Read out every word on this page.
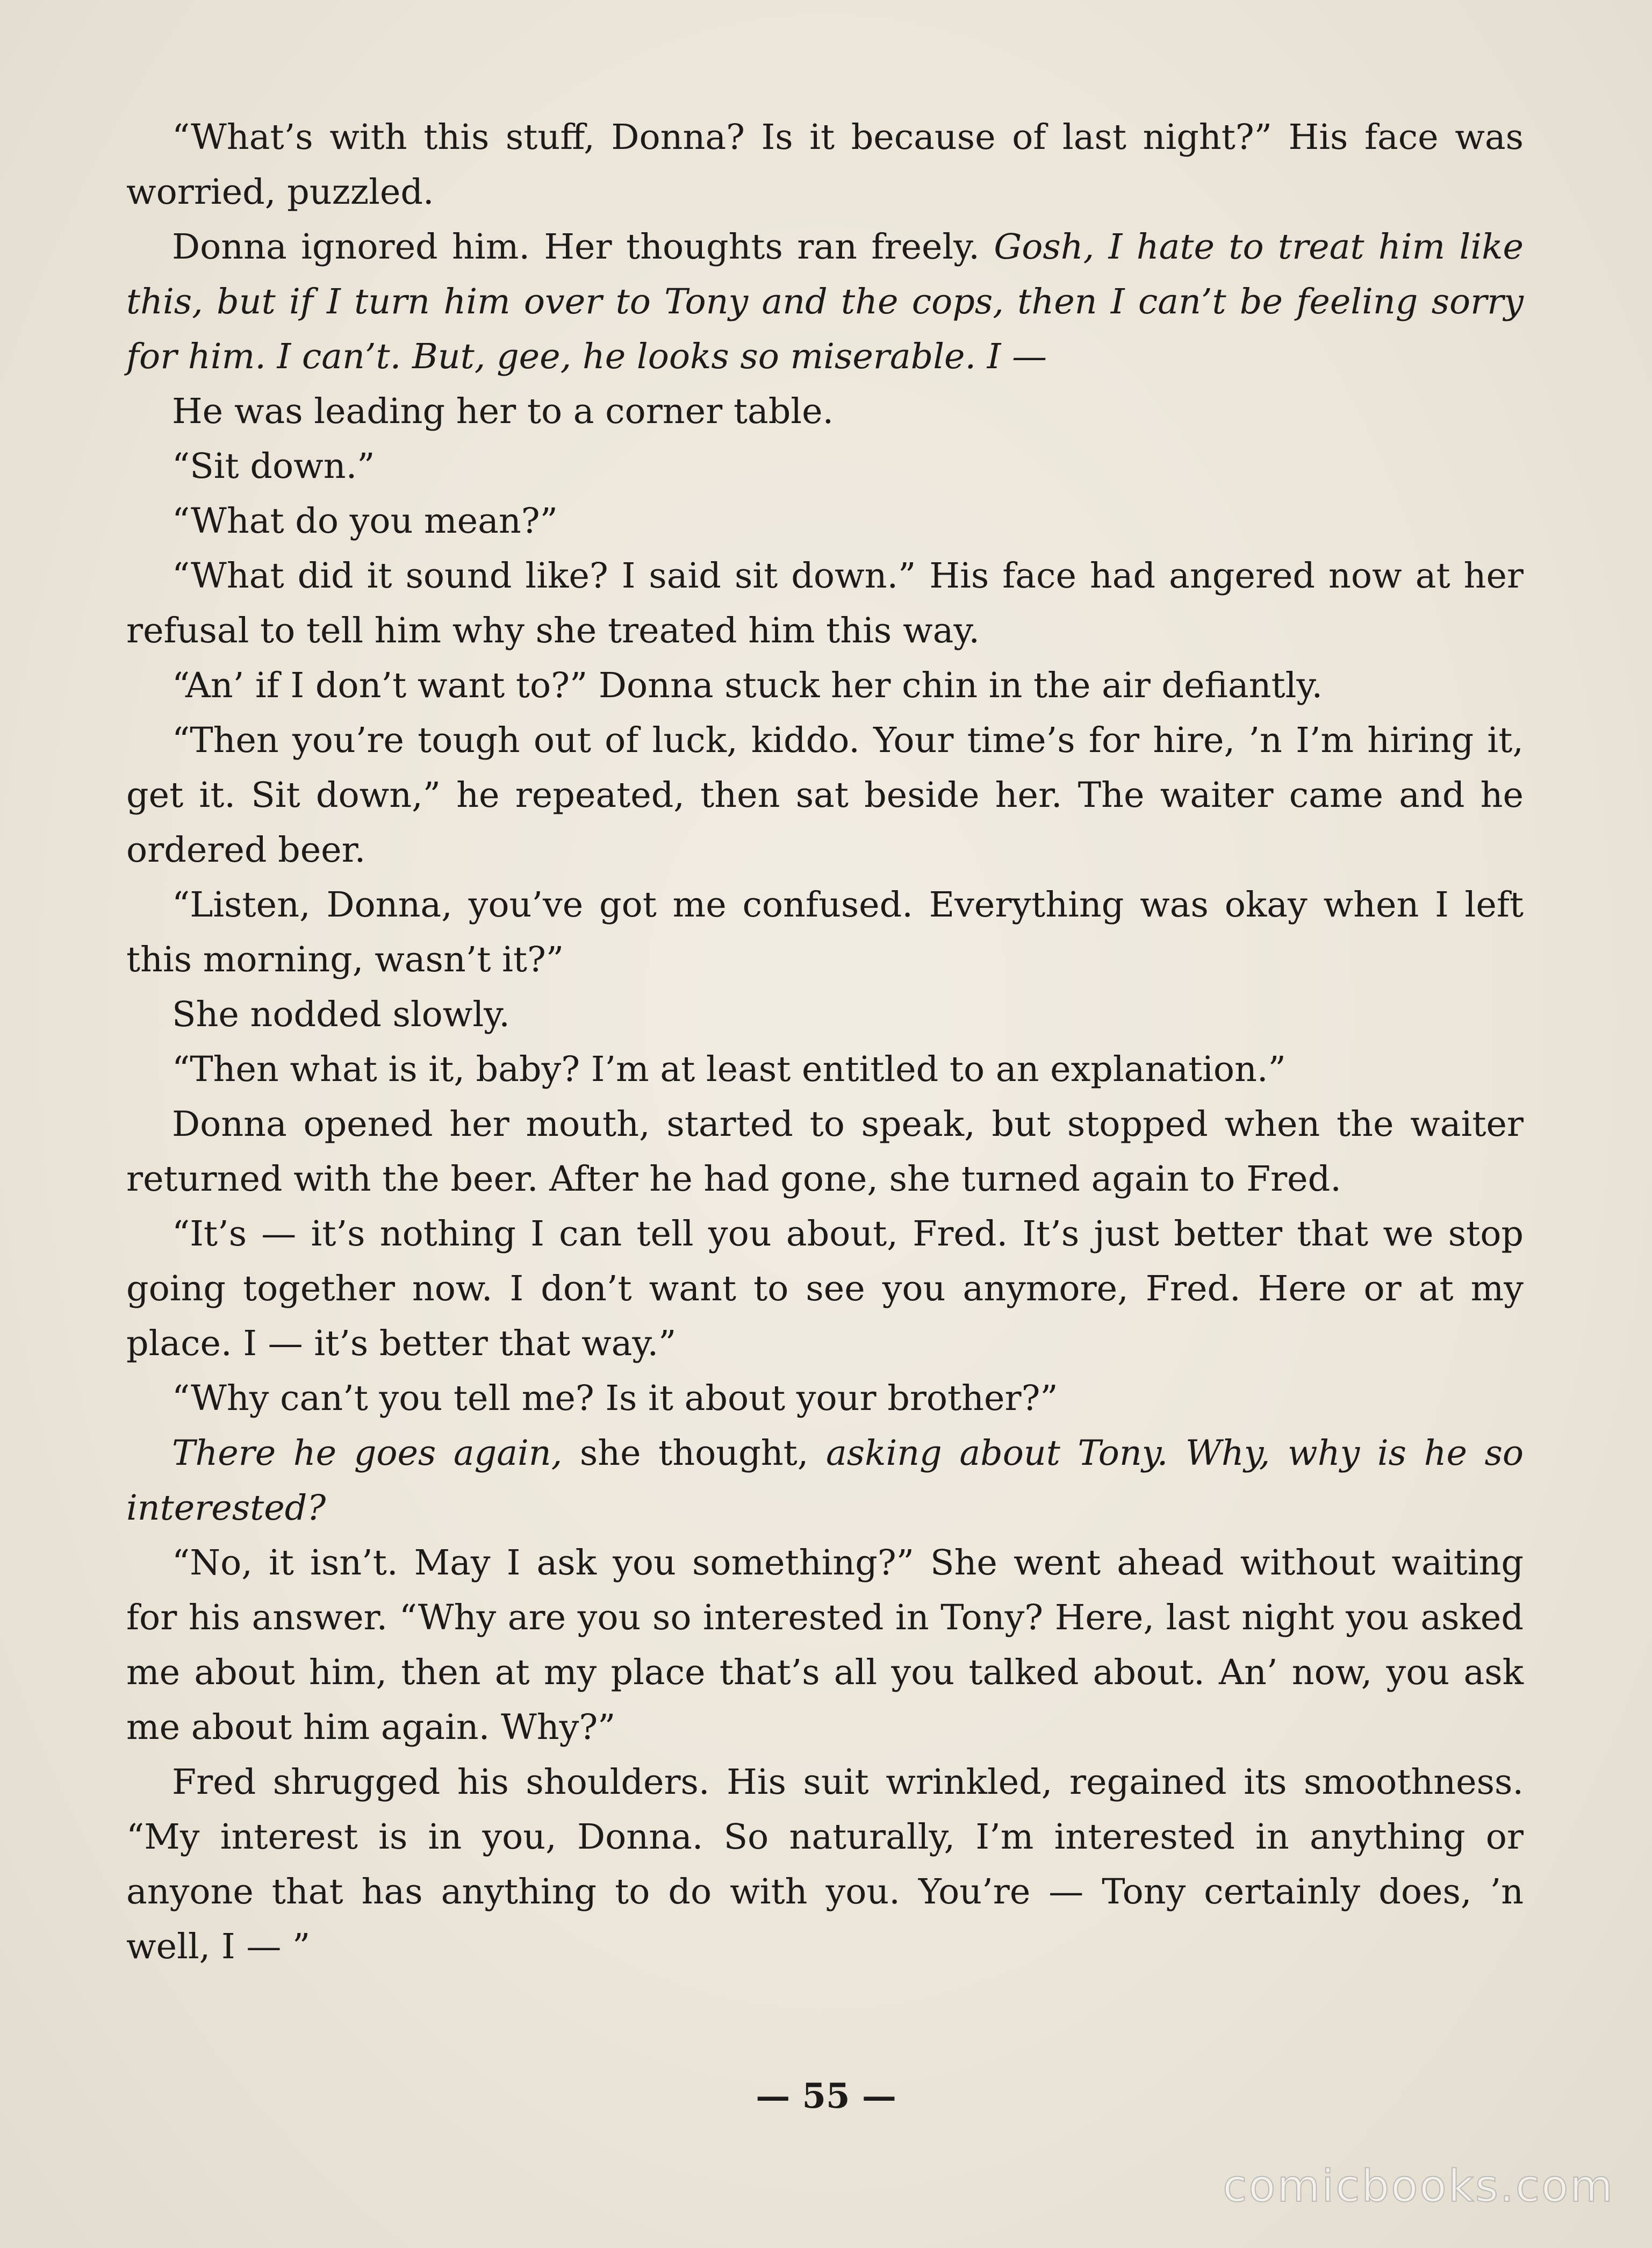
“What’s with this stuff, Donna? Is it because of last night?” His face was worried, puzzled.

Donna ignored him. Her thoughts ran freely. Gosh, I hate to treat him like this, but if I turn him over to Tony and the cops, then I can’t be feeling sorry for him. I can’t. But, gee, he looks so miserable. I —

He was leading her to a corner table.

“Sit down.”

“What do you mean?”

“What did it sound like? I said sit down.” His face had angered now at her refusal to tell him why she treated him this way.

“An’ if I don’t want to?” Donna stuck her chin in the air defiantly.

“Then you’re tough out of luck, kiddo. Your time’s for hire, ’n I’m hiring it, get it. Sit down,” he repeated, then sat beside her. The waiter came and he ordered beer.

“Listen, Donna, you’ve got me confused. Everything was okay when I left this morning, wasn’t it?”

She nodded slowly.

“Then what is it, baby? I’m at least entitled to an explanation.”

Donna opened her mouth, started to speak, but stopped when the waiter returned with the beer. After he had gone, she turned again to Fred.

“It’s — it’s nothing I can tell you about, Fred. It’s just better that we stop going together now. I don’t want to see you anymore, Fred. Here or at my place. I — it’s better that way.”

“Why can’t you tell me? Is it about your brother?”

There he goes again, she thought, asking about Tony. Why, why is he so interested?

“No, it isn’t. May I ask you something?” She went ahead without waiting for his answer. “Why are you so interested in Tony? Here, last night you asked me about him, then at my place that’s all you talked about. An’ now, you ask me about him again. Why?”

Fred shrugged his shoulders. His suit wrinkled, regained its smoothness. “My interest is in you, Donna. So naturally, I’m interested in anything or anyone that has anything to do with you. You’re — Tony certainly does, ’n well, I — ”

— 55 —
comicbooks.com
